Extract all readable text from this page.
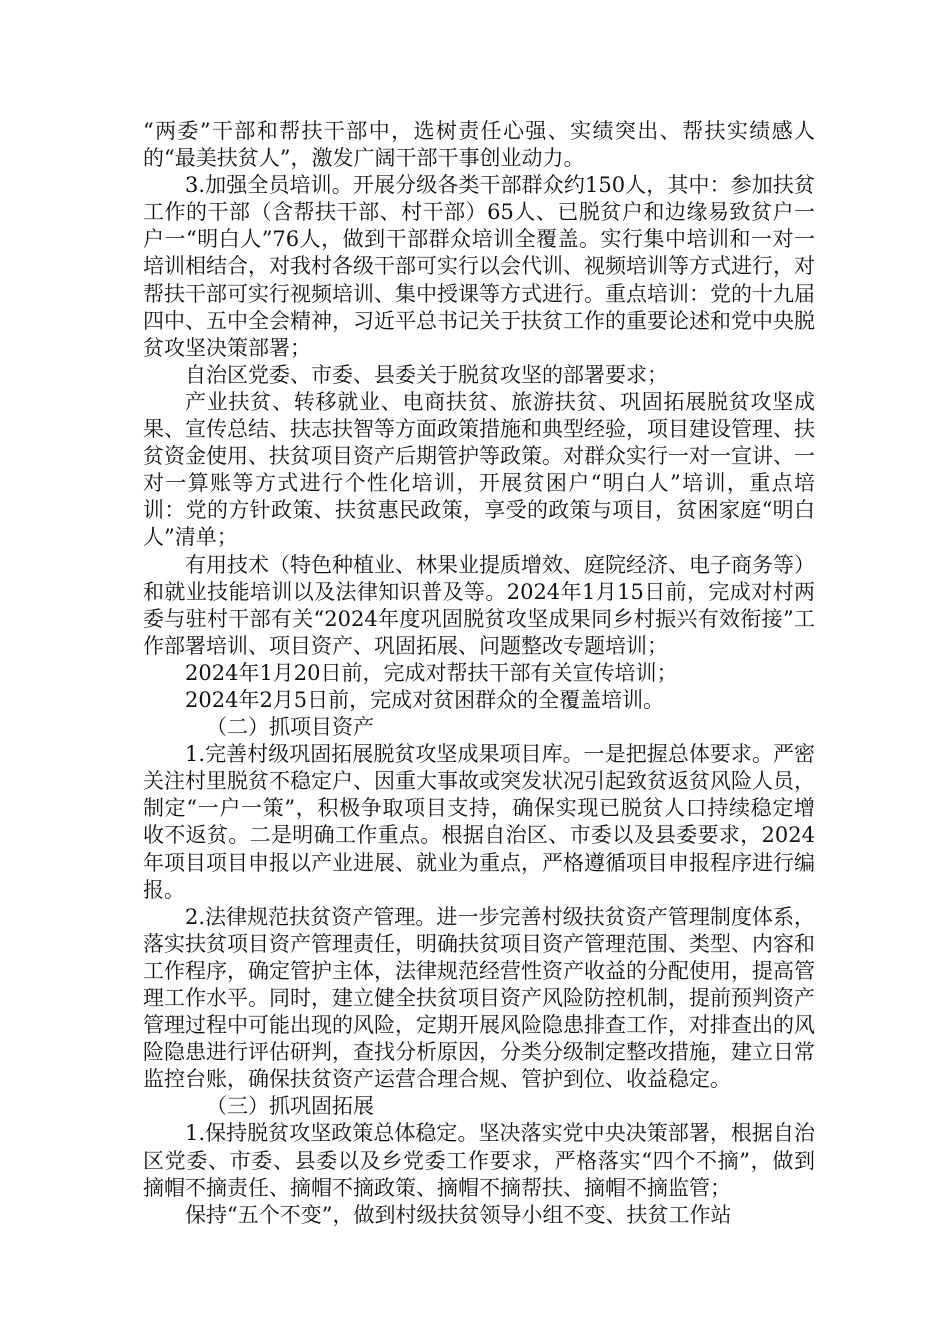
“两委”干部和帮扶干部中，选树责任心强、实绩突出、帮扶实绩感人的“最美扶贫人”，激发广阔干部干事创业动力。

3.加强全员培训。开展分级各类干部群众约150人，其中：参加扶贫工作的干部（含帮扶干部、村干部）65人、已脱贫户和边缘易致贫户一户一“明白人”76人，做到干部群众培训全覆盖。实行集中培训和一对一培训相结合，对我村各级干部可实行以会代训、视频培训等方式进行，对帮扶干部可实行视频培训、集中授课等方式进行。重点培训：党的十九届四中、五中全会精神，习近平总书记关于扶贫工作的重要论述和党中央脱贫攻坚决策部署；

自治区党委、市委、县委关于脱贫攻坚的部署要求；

产业扶贫、转移就业、电商扶贫、旅游扶贫、巩固拓展脱贫攻坚成果、宣传总结、扶志扶智等方面政策措施和典型经验，项目建设管理、扶贫资金使用、扶贫项目资产后期管护等政策。对群众实行一对一宣讲、一对一算账等方式进行个性化培训，开展贫困户“明白人”培训，重点培训：党的方针政策、扶贫惠民政策，享受的政策与项目，贫困家庭“明白人”清单；

有用技术（特色种植业、林果业提质增效、庭院经济、电子商务等）和就业技能培训以及法律知识普及等。2024年1月15日前，完成对村两委与驻村干部有关“2024年度巩固脱贫攻坚成果同乡村振兴有效衔接”工作部署培训、项目资产、巩固拓展、问题整改专题培训；

2024年1月20日前，完成对帮扶干部有关宣传培训；

2024年2月5日前，完成对贫困群众的全覆盖培训。

（二）抓项目资产

1.完善村级巩固拓展脱贫攻坚成果项目库。一是把握总体要求。严密关注村里脱贫不稳定户、因重大事故或突发状况引起致贫返贫风险人员，制定“一户一策”，积极争取项目支持，确保实现已脱贫人口持续稳定增收不返贫。二是明确工作重点。根据自治区、市委以及县委要求，2024年项目项目申报以产业进展、就业为重点，严格遵循项目申报程序进行编报。

2.法律规范扶贫资产管理。进一步完善村级扶贫资产管理制度体系，落实扶贫项目资产管理责任，明确扶贫项目资产管理范围、类型、内容和工作程序，确定管护主体，法律规范经营性资产收益的分配使用，提高管理工作水平。同时，建立健全扶贫项目资产风险防控机制，提前预判资产管理过程中可能出现的风险，定期开展风险隐患排查工作，对排查出的风险隐患进行评估研判，查找分析原因，分类分级制定整改措施，建立日常监控台账，确保扶贫资产运营合理合规、管护到位、收益稳定。

（三）抓巩固拓展

1.保持脱贫攻坚政策总体稳定。坚决落实党中央决策部署，根据自治区党委、市委、县委以及乡党委工作要求，严格落实“四个不摘”，做到摘帽不摘责任、摘帽不摘政策、摘帽不摘帮扶、摘帽不摘监管；

保持“五个不变”，做到村级扶贫领导小组不变、扶贫工作站
